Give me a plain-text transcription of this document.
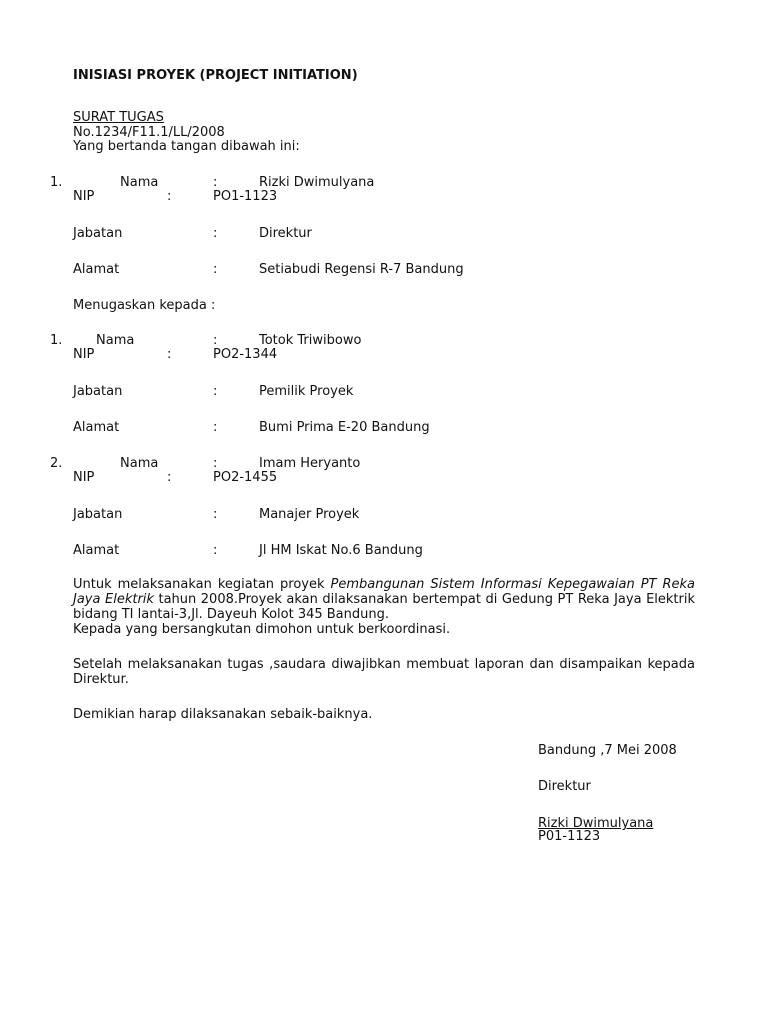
INISIASI PROYEK (PROJECT INITIATION)
SURAT TUGAS
No.1234/F11.1/LL/2008
Yang bertanda tangan dibawah ini:
1.	Nama	:	Rizki Dwimulyana
NIP	:	PO1-1123
Jabatan	:	Direktur
Alamat	:	Setiabudi Regensi R-7 Bandung
Menugaskan kepada :
1.	Nama	:	Totok Triwibowo
NIP	:	PO2-1344
Jabatan	:	Pemilik Proyek
Alamat	:	Bumi Prima E-20 Bandung
2.	Nama	:	Imam Heryanto
NIP	:	PO2-1455
Jabatan	:	Manajer Proyek
Alamat	:	Jl HM Iskat No.6 Bandung
Untuk melaksanakan kegiatan proyek Pembangunan Sistem Informasi Kepegawaian PT Reka Jaya Elektrik tahun 2008.Proyek akan dilaksanakan bertempat di Gedung PT Reka Jaya Elektrik bidang TI lantai-3,Jl. Dayeuh Kolot 345 Bandung.
Kepada yang bersangkutan dimohon untuk berkoordinasi.
Setelah melaksanakan tugas ,saudara diwajibkan membuat laporan dan disampaikan kepada Direktur.
Demikian harap dilaksanakan sebaik-baiknya.
Bandung ,7 Mei 2008
Direktur
Rizki Dwimulyana
P01-1123
